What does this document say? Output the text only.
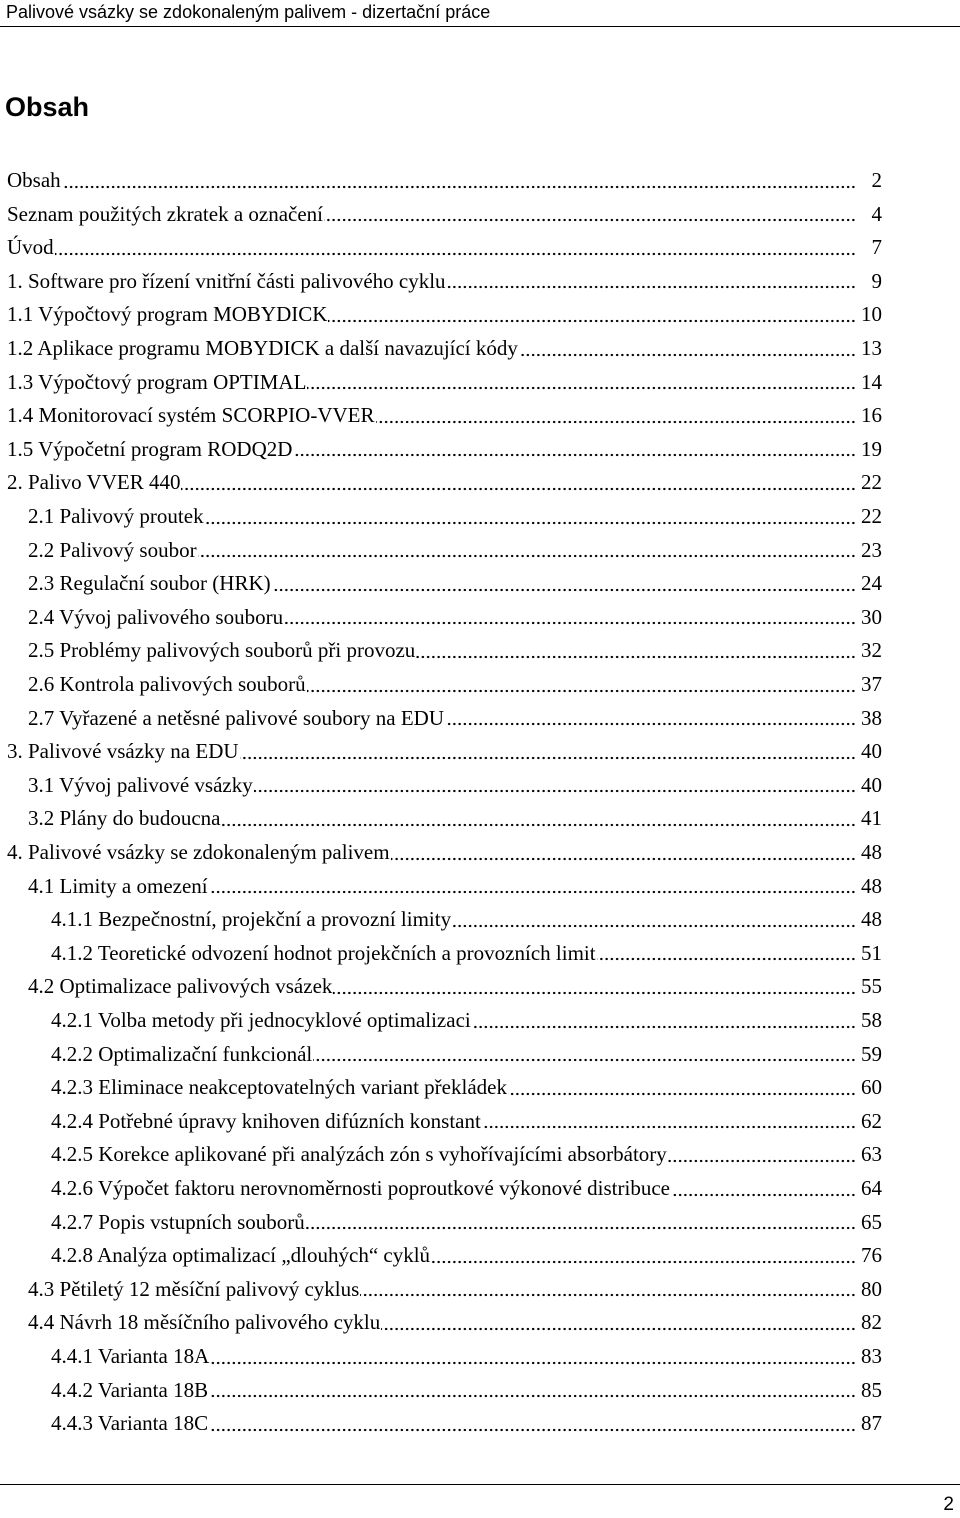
Palivové vsázky se zdokonaleným palivem - dizertační práce
Obsah
Obsah	2
Seznam použitých zkratek a označení	4
Úvod	7
1. Software pro řízení vnitřní části palivového cyklu	9
1.1 Výpočtový program MOBYDICK	10
1.2 Aplikace programu MOBYDICK a další navazující kódy	13
1.3 Výpočtový program OPTIMAL	14
1.4 Monitorovací systém SCORPIO-VVER	16
1.5 Výpočetní program RODQ2D	19
2. Palivo VVER 440	22
2.1 Palivový proutek	22
2.2 Palivový soubor	23
2.3 Regulační soubor (HRK)	24
2.4 Vývoj palivového souboru	30
2.5 Problémy palivových souborů při provozu	32
2.6 Kontrola palivových souborů	37
2.7 Vyřazené a netěsné palivové soubory na EDU	38
3. Palivové vsázky na EDU	40
3.1 Vývoj palivové vsázky	40
3.2 Plány do budoucna	41
4. Palivové vsázky se zdokonaleným palivem	48
4.1 Limity a omezení	48
4.1.1 Bezpečnostní, projekční a provozní limity	48
4.1.2 Teoretické odvození hodnot projekčních a provozních limit	51
4.2 Optimalizace palivových vsázek	55
4.2.1 Volba metody při jednocyklové optimalizaci	58
4.2.2 Optimalizační funkcionál	59
4.2.3 Eliminace neakceptovatelných variant překládek	60
4.2.4 Potřebné úpravy knihoven difúzních konstant	62
4.2.5 Korekce aplikované při analýzách zón s vyhořívajícími absorbátory	63
4.2.6 Výpočet faktoru nerovnoměrnosti poproutkové výkonové distribuce	64
4.2.7 Popis vstupních souborů	65
4.2.8 Analýza optimalizací „dlouhých“ cyklů	76
4.3 Pětiletý 12 měsíční palivový cyklus	80
4.4 Návrh 18 měsíčního palivového cyklu	82
4.4.1 Varianta 18A	83
4.4.2 Varianta 18B	85
4.4.3 Varianta 18C	87
2
